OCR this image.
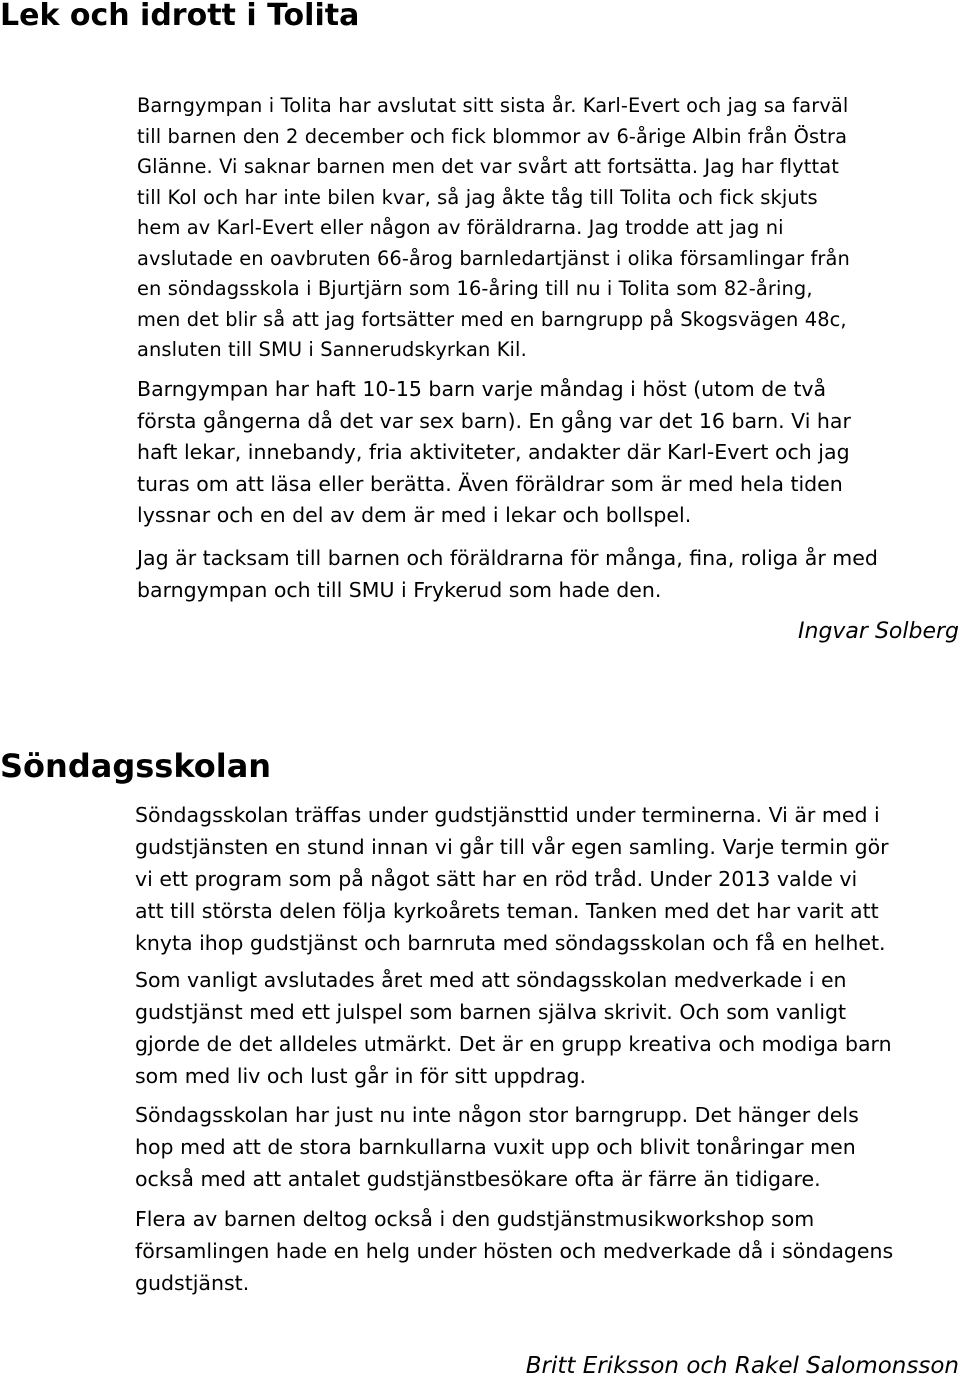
Lek och idrott i Tolita

Barngympan i Tolita har avslutat sitt sista år. Karl-Evert och jag sa farväl
till barnen den 2 december och fick blommor av 6-årige Albin från Östra
Glänne. Vi saknar barnen men det var svårt att fortsätta. Jag har flyttat
till Kol och har inte bilen kvar, så jag åkte tåg till Tolita och fick skjuts
hem av Karl-Evert eller någon av föräldrarna. Jag trodde att jag ni
avslutade en oavbruten 66-årog barnledartjänst i olika församlingar från
en söndagsskola i Bjurtjärn som 16-åring till nu i Tolita som 82-åring,
men det blir så att jag fortsätter med en barngrupp på Skogsvägen 48c,
ansluten till SMU i Sannerudskyrkan Kil.

Barngympan har haft 10-15 barn varje måndag i höst (utom de två
första gångerna då det var sex barn). En gång var det 16 barn. Vi har
haft lekar, innebandy, fria aktiviteter, andakter där Karl-Evert och jag
turas om att läsa eller berätta. Även föräldrar som är med hela tiden
lyssnar och en del av dem är med i lekar och bollspel.

Jag är tacksam till barnen och föräldrarna för många, fina, roliga år med
barngympan och till SMU i Frykerud som hade den.

Ingvar Solberg
Söndagsskolan

Söndagsskolan träffas under gudstjänsttid under terminerna. Vi är med i
gudstjänsten en stund innan vi går till vår egen samling. Varje termin gör
vi ett program som på något sätt har en röd tråd. Under 2013 valde vi
att till största delen följa kyrkoårets teman. Tanken med det har varit att
knyta ihop gudstjänst och barnruta med söndagsskolan och få en helhet.

Som vanligt avslutades året med att söndagsskolan medverkade i en
gudstjänst med ett julspel som barnen själva skrivit. Och som vanligt
gjorde de det alldeles utmärkt. Det är en grupp kreativa och modiga barn
som med liv och lust går in för sitt uppdrag.

Söndagsskolan har just nu inte någon stor barngrupp. Det hänger dels
hop med att de stora barnkullarna vuxit upp och blivit tonåringar men
också med att antalet gudstjänstbesökare ofta är färre än tidigare.

Flera av barnen deltog också i den gudstjänstmusikworkshop som
församlingen hade en helg under hösten och medverkade då i söndagens
gudstjänst.

Britt Eriksson och Rakel Salomonsson
